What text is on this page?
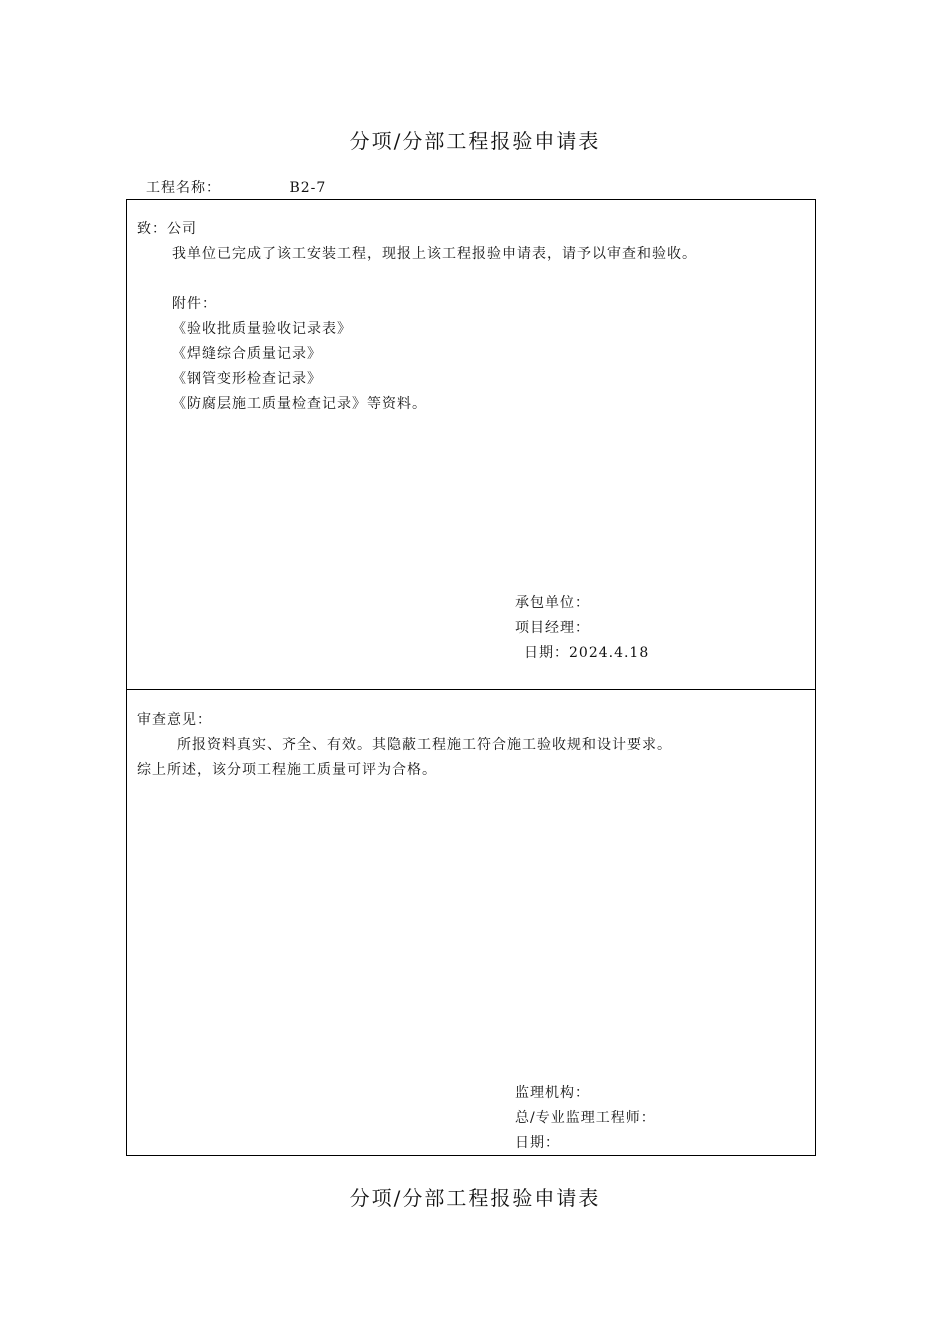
分项/分部工程报验申请表
工程名称：	B2-7
致：公司
我单位已完成了该工安装工程，现报上该工程报验申请表，请予以审查和验收。
附件：
《验收批质量验收记录表》
《焊缝综合质量记录》
《钢管变形检查记录》
《防腐层施工质量检查记录》等资料。
承包单位：
项目经理：
日期：2024.4.18
审查意见：
所报资料真实、齐全、有效。其隐蔽工程施工符合施工验收规和设计要求。
综上所述，该分项工程施工质量可评为合格。
监理机构：
总/专业监理工程师：
日期：
分项/分部工程报验申请表
